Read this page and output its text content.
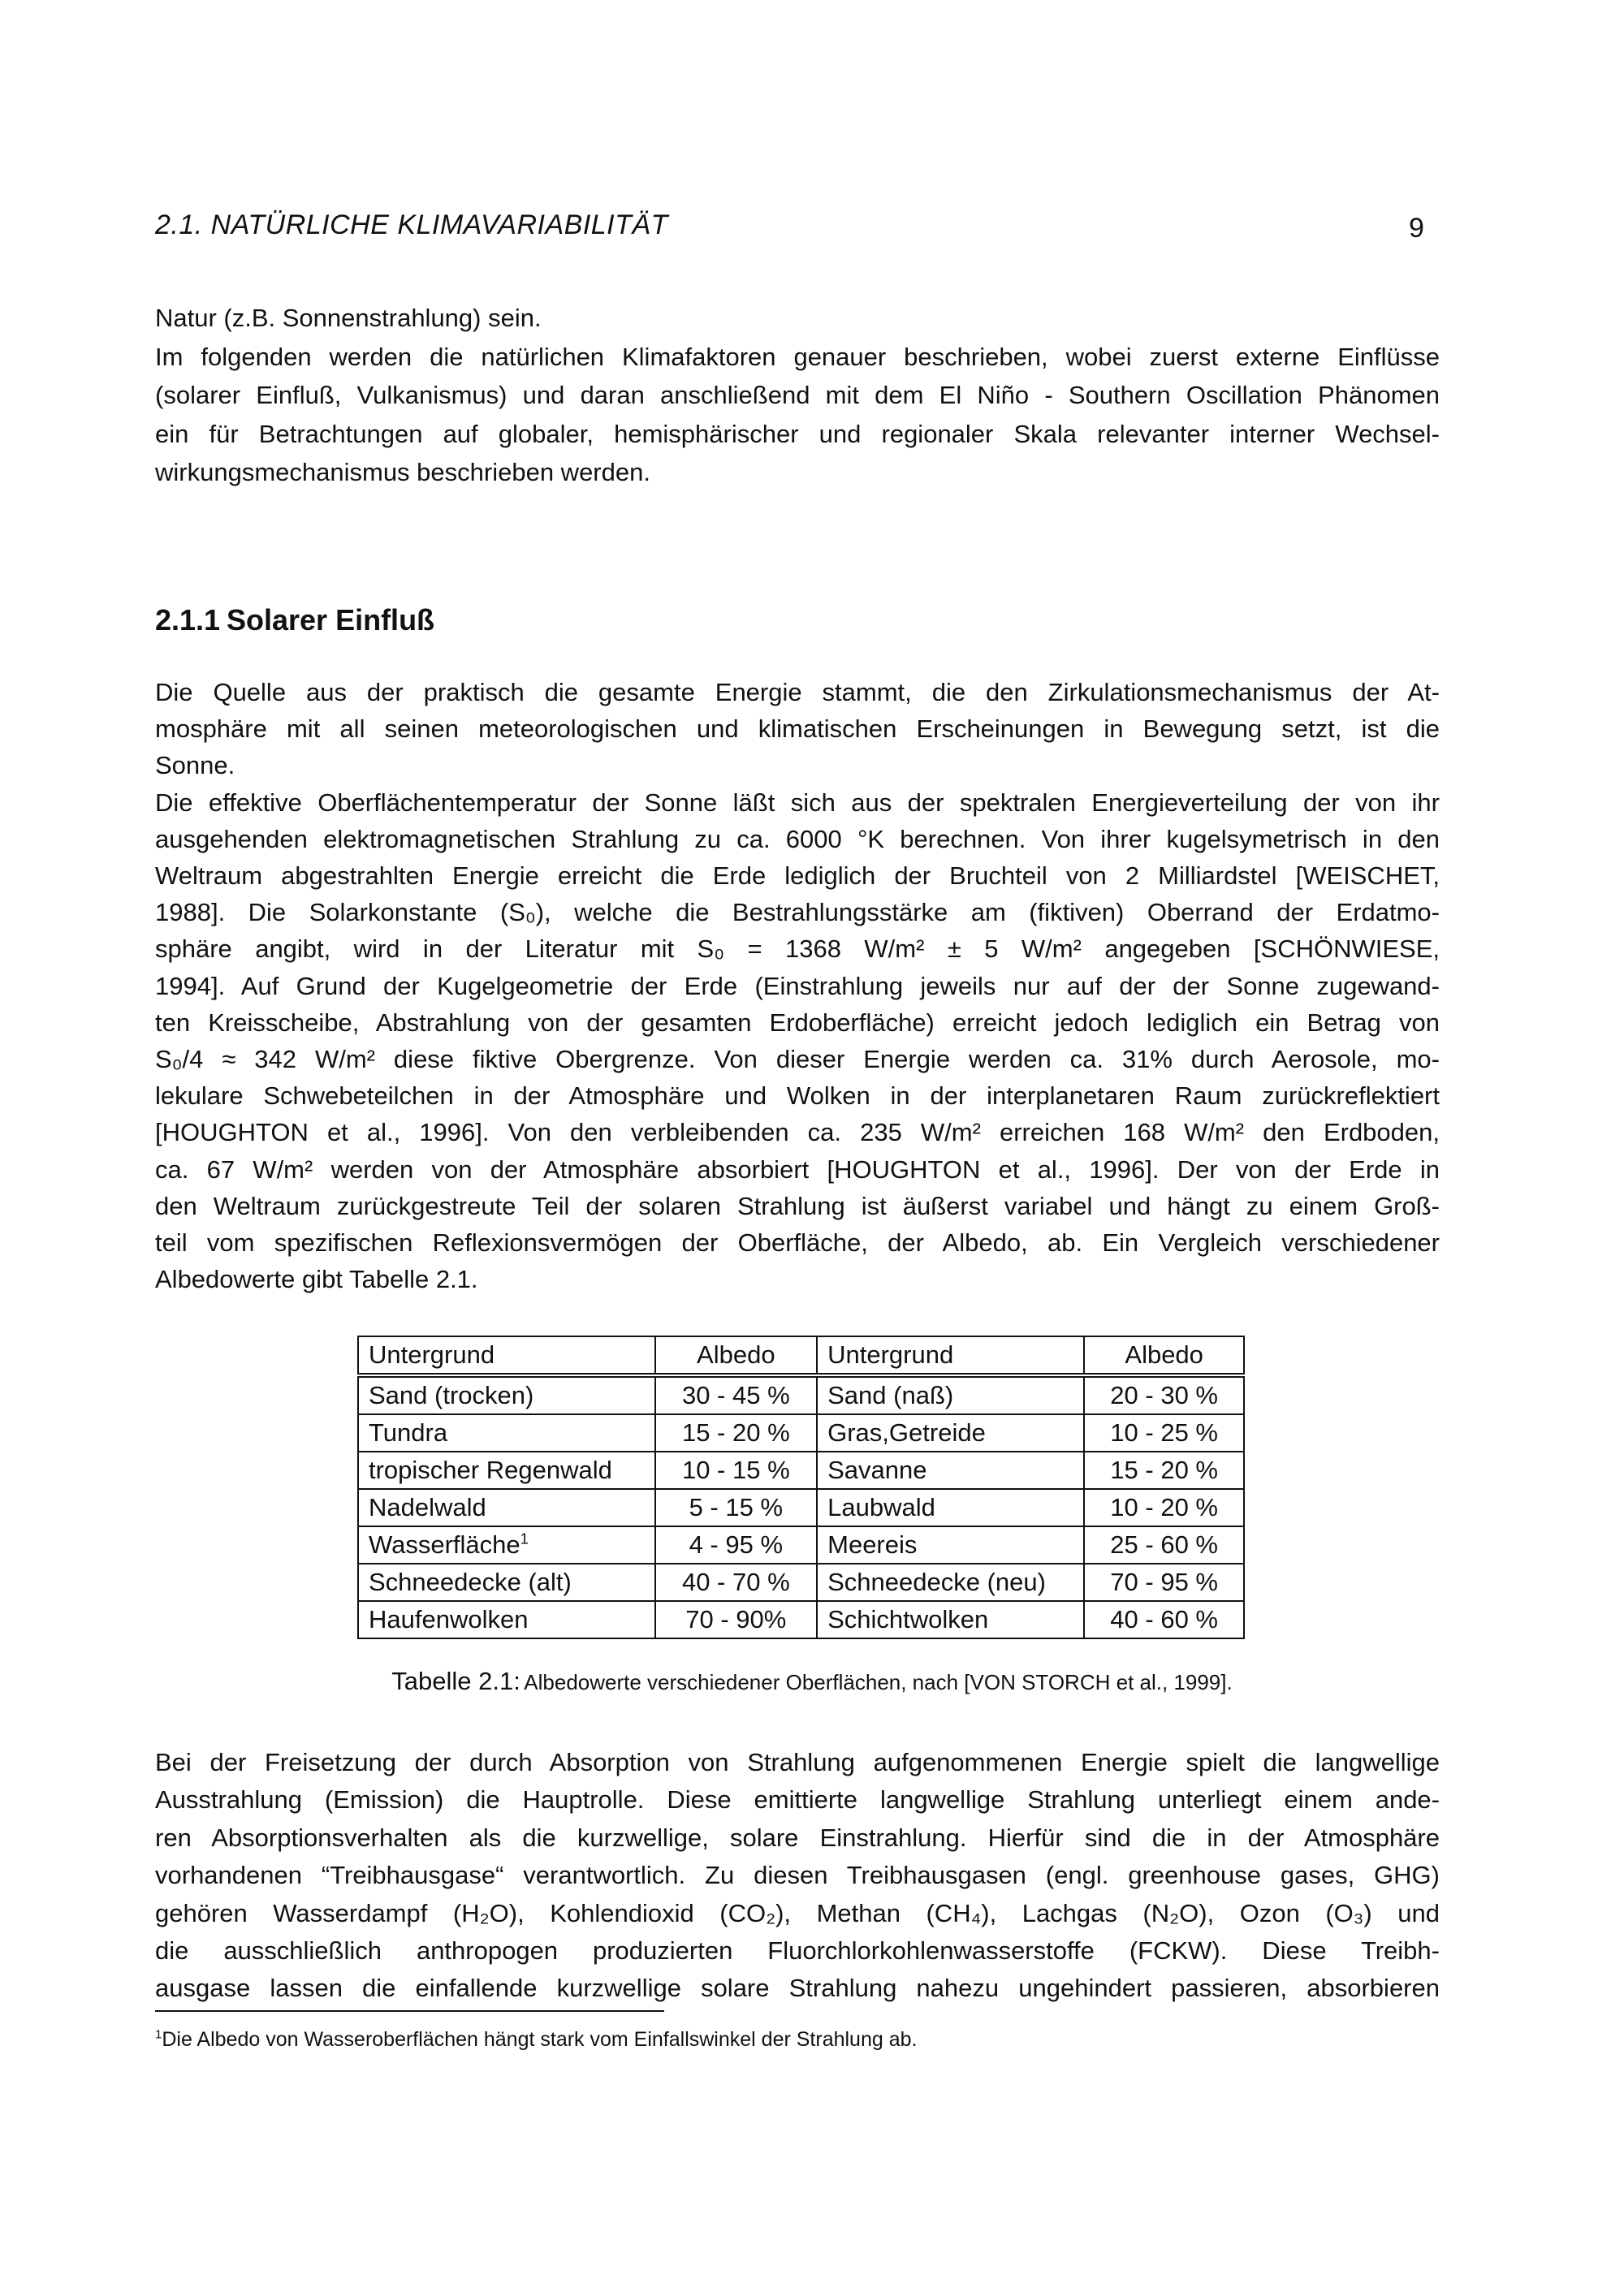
2.1. NATÜRLICHE KLIMAVARIABILITÄT	9
Natur (z.B. Sonnenstrahlung) sein.
Im folgenden werden die natürlichen Klimafaktoren genauer beschrieben, wobei zuerst externe Einflüsse
(solarer Einfluß, Vulkanismus) und daran anschließend mit dem El Niño - Southern Oscillation Phänomen
ein für Betrachtungen auf globaler, hemisphärischer und regionaler Skala relevanter interner Wechsel-
wirkungsmechanismus beschrieben werden.
2.1.1 Solarer Einfluß
Die Quelle aus der praktisch die gesamte Energie stammt, die den Zirkulationsmechanismus der At-
mosphäre mit all seinen meteorologischen und klimatischen Erscheinungen in Bewegung setzt, ist die
Sonne.
Die effektive Oberflächentemperatur der Sonne läßt sich aus der spektralen Energieverteilung der von ihr
ausgehenden elektromagnetischen Strahlung zu ca. 6000 °K berechnen. Von ihrer kugelsymetrisch in den
Weltraum abgestrahlten Energie erreicht die Erde lediglich der Bruchteil von 2 Milliardstel [WEISCHET,
1988]. Die Solarkonstante (S₀), welche die Bestrahlungsstärke am (fiktiven) Oberrand der Erdatmo-
sphäre angibt, wird in der Literatur mit S₀ = 1368 W/m² ± 5 W/m² angegeben [SCHÖNWIESE,
1994]. Auf Grund der Kugelgeometrie der Erde (Einstrahlung jeweils nur auf der der Sonne zugewand-
ten Kreisscheibe, Abstrahlung von der gesamten Erdoberfläche) erreicht jedoch lediglich ein Betrag von
S₀/4 ≈ 342 W/m² diese fiktive Obergrenze. Von dieser Energie werden ca. 31% durch Aerosole, mo-
lekulare Schwebeteilchen in der Atmosphäre und Wolken in der interplanetaren Raum zurückreflektiert
[HOUGHTON et al., 1996]. Von den verbleibenden ca. 235 W/m² erreichen 168 W/m² den Erdboden,
ca. 67 W/m² werden von der Atmosphäre absorbiert [HOUGHTON et al., 1996]. Der von der Erde in
den Weltraum zurückgestreute Teil der solaren Strahlung ist äußerst variabel und hängt zu einem Groß-
teil vom spezifischen Reflexionsvermögen der Oberfläche, der Albedo, ab. Ein Vergleich verschiedener
Albedowerte gibt Tabelle 2.1.
Untergrund	Albedo	Untergrund	Albedo
Sand (trocken)	30 - 45 %	Sand (naß)	20 - 30 %
Tundra	15 - 20 %	Gras,Getreide	10 - 25 %
tropischer Regenwald	10 - 15 %	Savanne	15 - 20 %
Nadelwald	5 - 15 %	Laubwald	10 - 20 %
Wasserfläche$^1$	4 - 95 %	Meereis	25 - 60 %
Schneedecke (alt)	40 - 70 %	Schneedecke (neu)	70 - 95 %
Haufenwolken	70 - 90%	Schichtwolken	40 - 60 %
Tabelle 2.1: Albedowerte verschiedener Oberflächen, nach [VON STORCH et al., 1999].
Bei der Freisetzung der durch Absorption von Strahlung aufgenommenen Energie spielt die langwellige
Ausstrahlung (Emission) die Hauptrolle. Diese emittierte langwellige Strahlung unterliegt einem ande-
ren Absorptionsverhalten als die kurzwellige, solare Einstrahlung. Hierfür sind die in der Atmosphäre
vorhandenen “Treibhausgase“ verantwortlich. Zu diesen Treibhausgasen (engl. greenhouse gases, GHG)
gehören Wasserdampf (H₂O), Kohlendioxid (CO₂), Methan (CH₄), Lachgas (N₂O), Ozon (O₃) und
die ausschließlich anthropogen produzierten Fluorchlorkohlenwasserstoffe (FCKW). Diese Treibh-
ausgase lassen die einfallende kurzwellige solare Strahlung nahezu ungehindert passieren, absorbieren
$^1$Die Albedo von Wasseroberflächen hängt stark vom Einfallswinkel der Strahlung ab.
